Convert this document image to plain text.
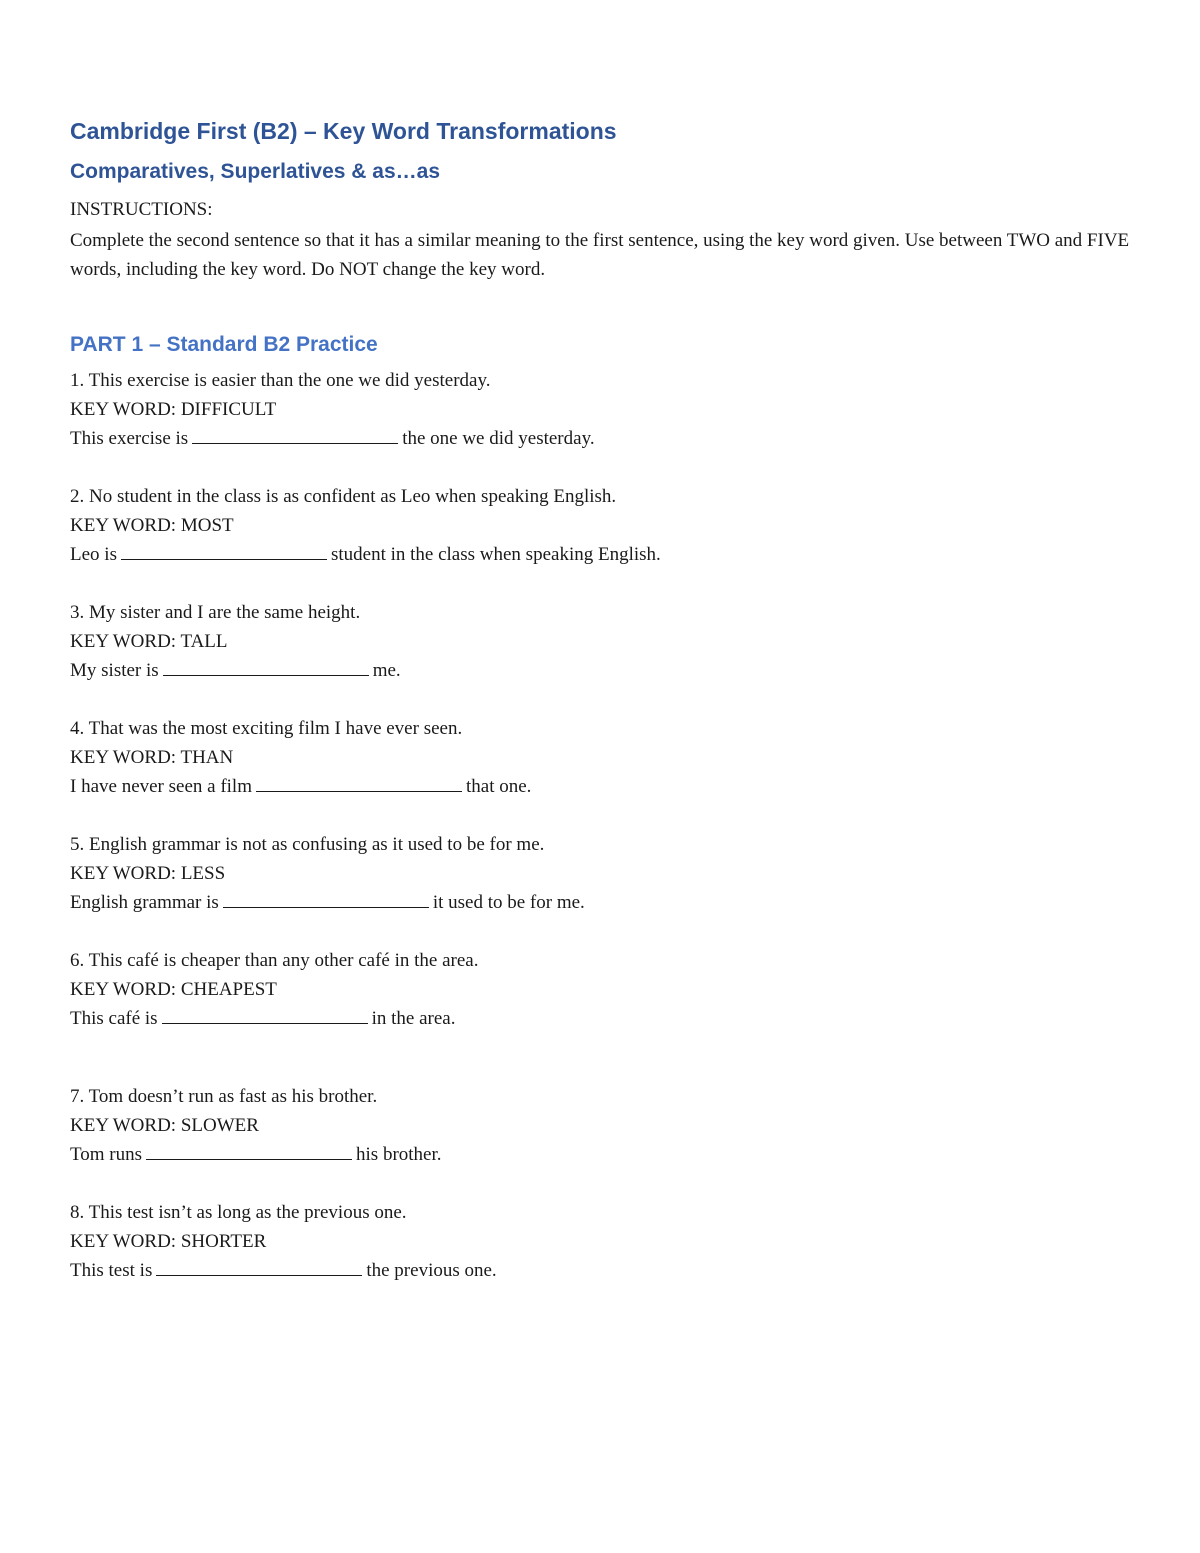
Cambridge First (B2) – Key Word Transformations
Comparatives, Superlatives & as…as
INSTRUCTIONS:
Complete the second sentence so that it has a similar meaning to the first sentence, using the key word given. Use between TWO and FIVE words, including the key word. Do NOT change the key word.
PART 1 – Standard B2 Practice
1. This exercise is easier than the one we did yesterday.
KEY WORD: DIFFICULT
This exercise is	the one we did yesterday.
2. No student in the class is as confident as Leo when speaking English.
KEY WORD: MOST
Leo is	student in the class when speaking English.
3. My sister and I are the same height.
KEY WORD: TALL
My sister is	me.
4. That was the most exciting film I have ever seen.
KEY WORD: THAN
I have never seen a film	that one.
5. English grammar is not as confusing as it used to be for me.
KEY WORD: LESS
English grammar is	it used to be for me.
6. This café is cheaper than any other café in the area.
KEY WORD: CHEAPEST
This café is	in the area.
7. Tom doesn’t run as fast as his brother.
KEY WORD: SLOWER
Tom runs	his brother.
8. This test isn’t as long as the previous one.
KEY WORD: SHORTER
This test is	the previous one.
